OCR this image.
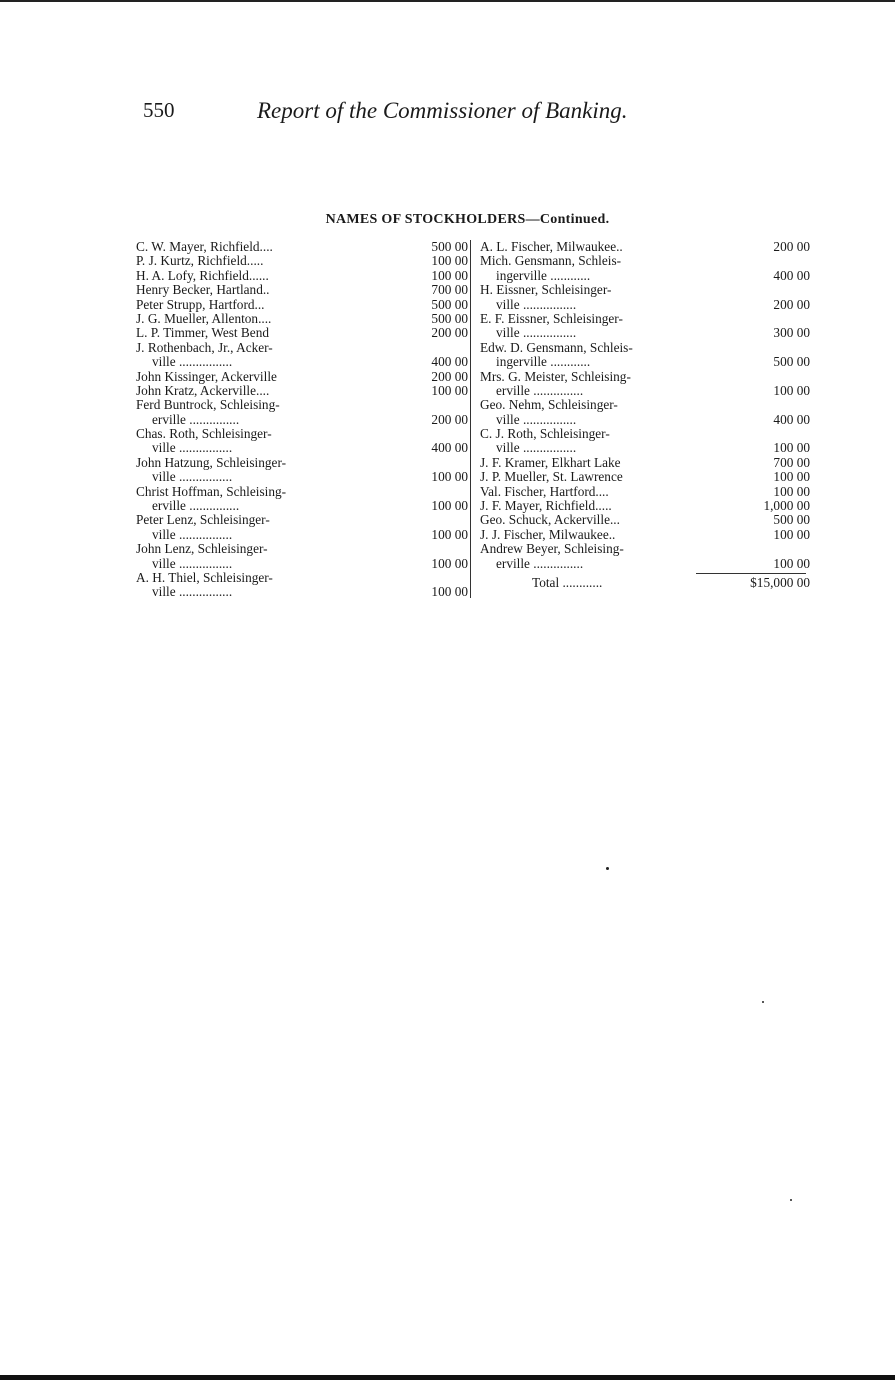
550	Report of the Commissioner of Banking.
NAMES OF STOCKHOLDERS—Continued.
C. W. Mayer, Richfield....	500 00
P. J. Kurtz, Richfield.....	100 00
H. A. Lofy, Richfield......	100 00
Henry Becker, Hartland..	700 00
Peter Strupp, Hartford...	500 00
J. G. Mueller, Allenton....	500 00
L. P. Timmer, West Bend	200 00
J. Rothenbach, Jr., Acker-
ville ................	400 00
John Kissinger, Ackerville	200 00
John Kratz, Ackerville....	100 00
Ferd Buntrock, Schleising-
erville ...............	200 00
Chas. Roth, Schleisinger-
ville ................	400 00
John Hatzung, Schleisinger-
ville ................	100 00
Christ Hoffman, Schleising-
erville ...............	100 00
Peter Lenz, Schleisinger-
ville ................	100 00
John Lenz, Schleisinger-
ville ................	100 00
A. H. Thiel, Schleisinger-
ville ................	100 00
A. L. Fischer, Milwaukee..	200 00
Mich. Gensmann, Schleis-
ingerville ............	400 00
H. Eissner, Schleisinger-
ville ................	200 00
E. F. Eissner, Schleisinger-
ville ................	300 00
Edw. D. Gensmann, Schleis-
ingerville ............	500 00
Mrs. G. Meister, Schleising-
erville ...............	100 00
Geo. Nehm, Schleisinger-
ville ................	400 00
C. J. Roth, Schleisinger-
ville ................	100 00
J. F. Kramer, Elkhart Lake	700 00
J. P. Mueller, St. Lawrence	100 00
Val. Fischer, Hartford....	100 00
J. F. Mayer, Richfield.....	1,000 00
Geo. Schuck, Ackerville...	500 00
J. J. Fischer, Milwaukee..	100 00
Andrew Beyer, Schleising-
erville ...............	100 00
Total ............	$15,000 00
